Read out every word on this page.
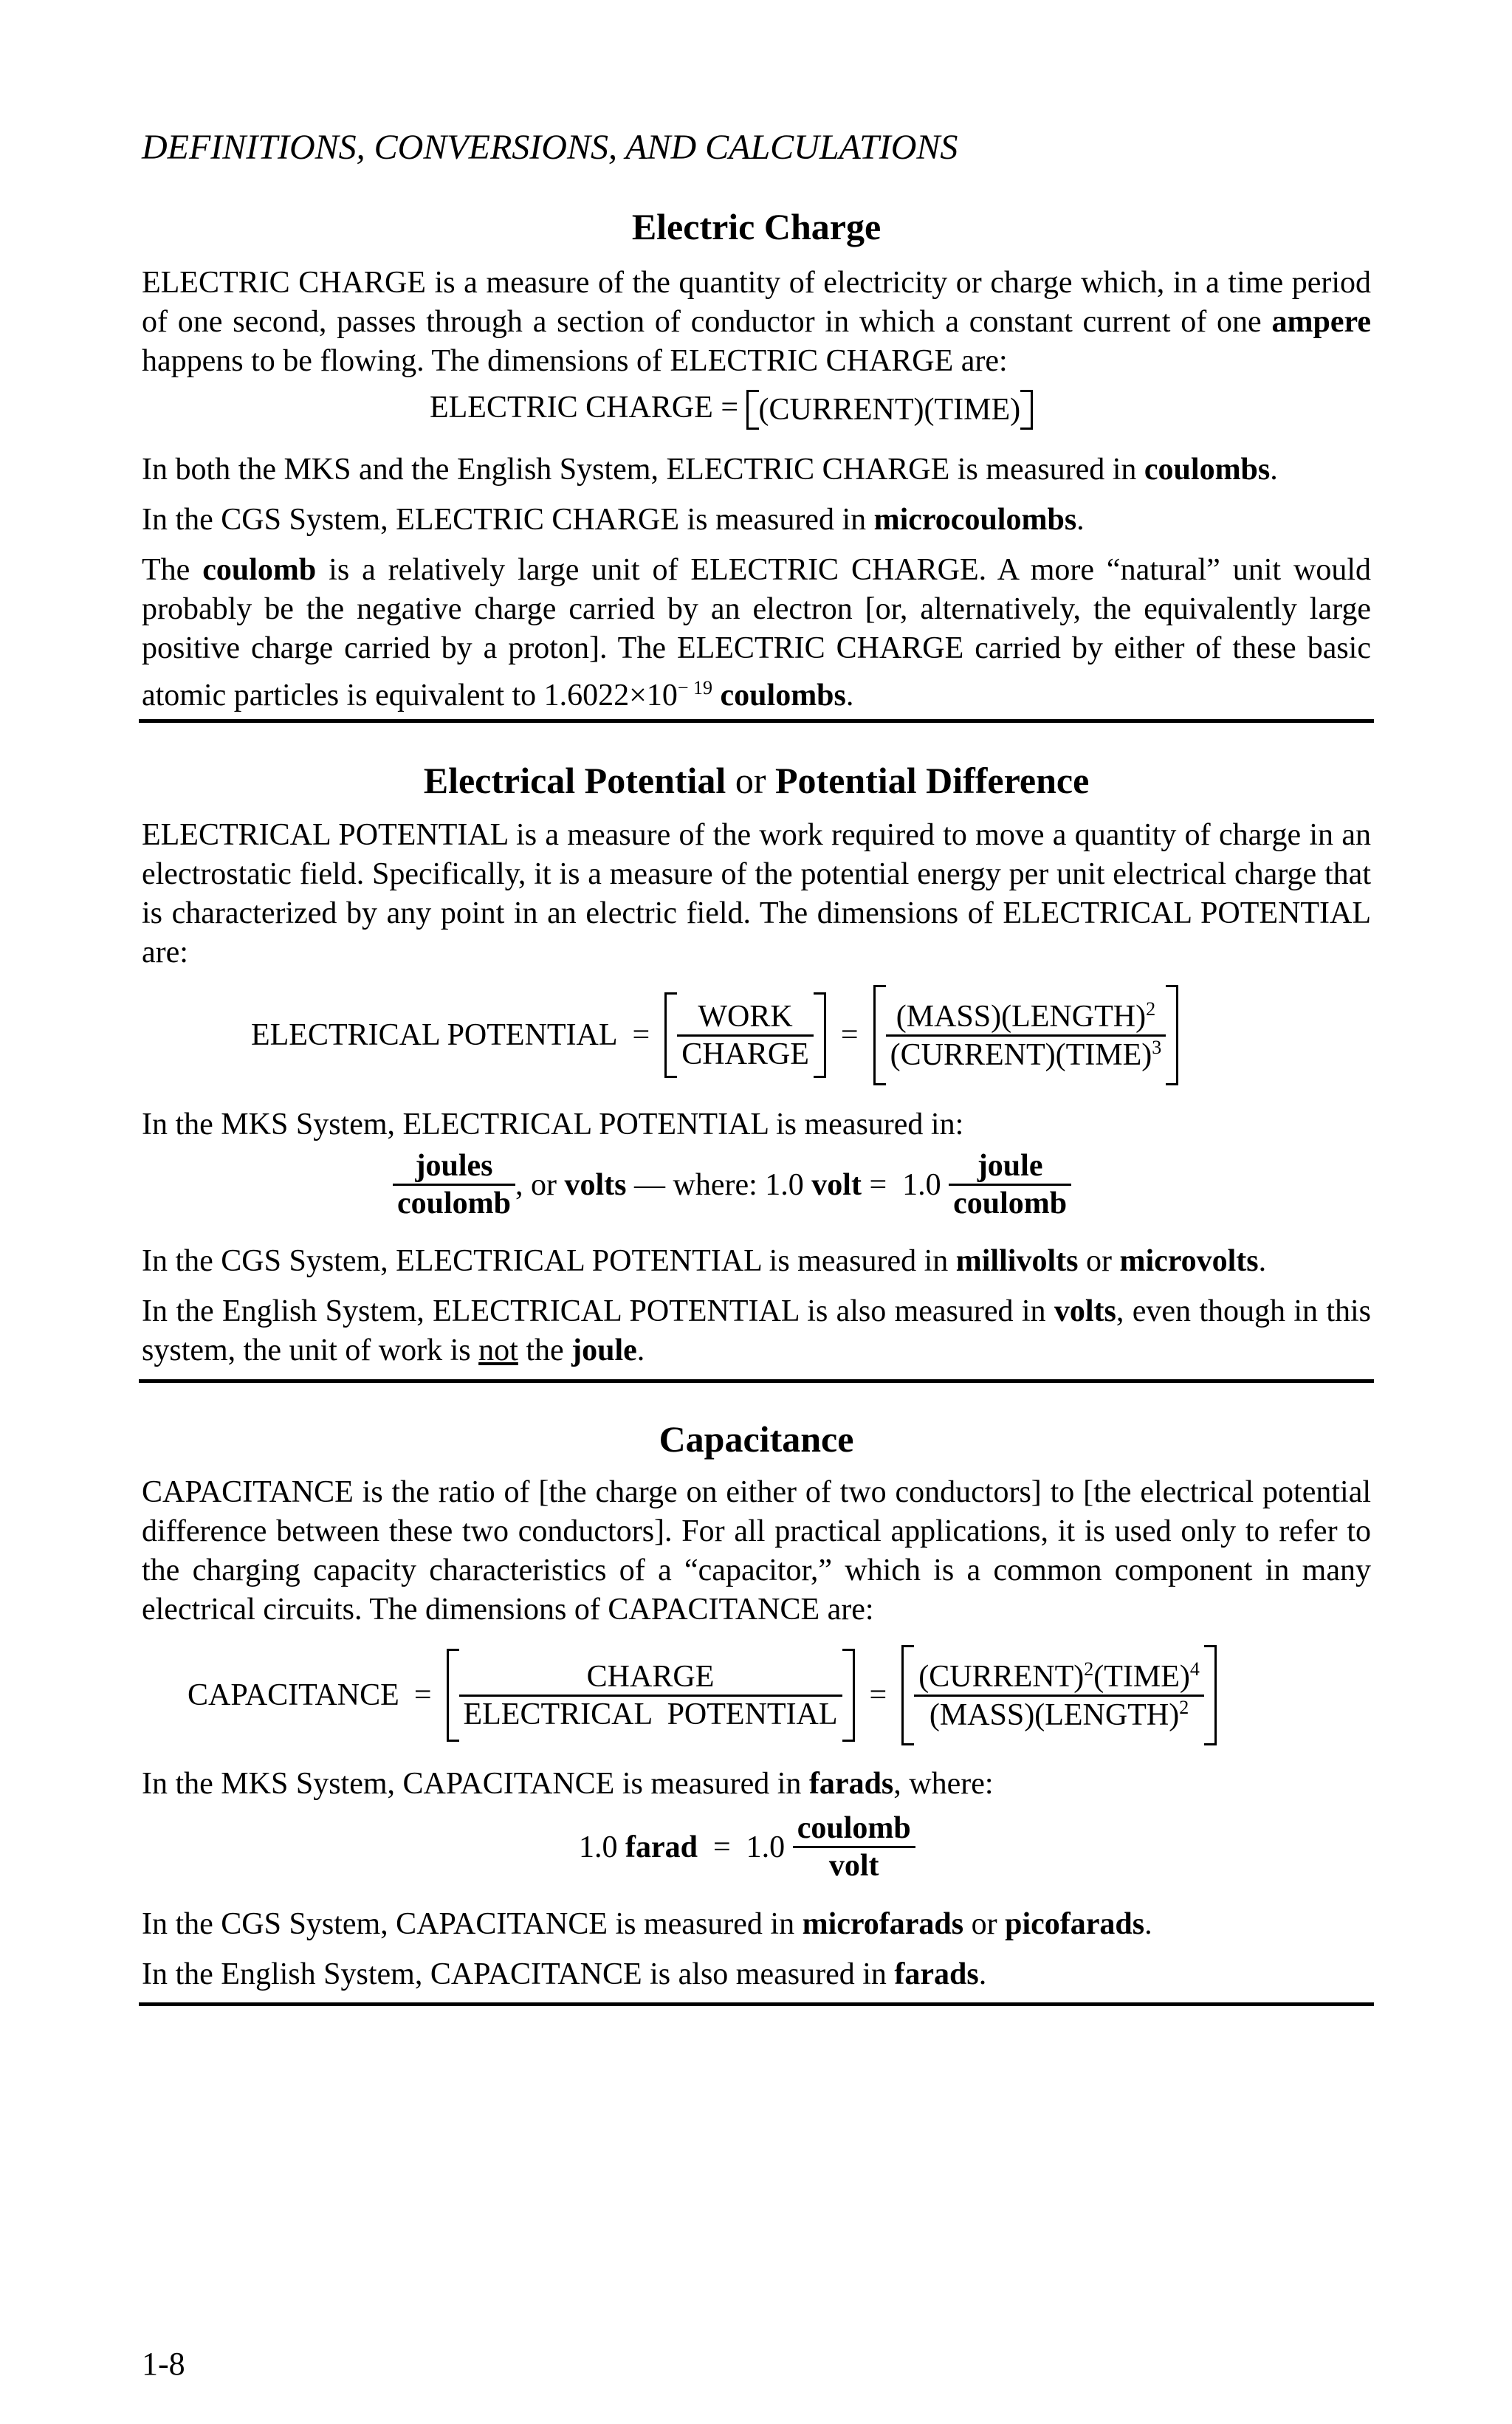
DEFINITIONS, CONVERSIONS, AND CALCULATIONS
Electric Charge
ELECTRIC CHARGE is a measure of the quantity of electricity or charge which, in a time period of one second, passes through a section of conductor in which a constant current of one ampere happens to be flowing. The dimensions of ELECTRIC CHARGE are:
ELECTRIC CHARGE = (CURRENT)(TIME)
In both the MKS and the English System, ELECTRIC CHARGE is measured in coulombs.
In the CGS System, ELECTRIC CHARGE is measured in microcoulombs.
The coulomb is a relatively large unit of ELECTRIC CHARGE. A more “natural” unit would probably be the negative charge carried by an electron [or, alternatively, the equivalently large positive charge carried by a proton]. The ELECTRIC CHARGE carried by either of these basic atomic particles is equivalent to $1.6022\times 10^{- 19}$ coulombs.
Electrical Potential or Potential Difference
ELECTRICAL POTENTIAL is a measure of the work required to move a quantity of charge in an electrostatic field. Specifically, it is a measure of the potential energy per unit electrical charge that is characterized by any point in an electric field. The dimensions of ELECTRICAL POTENTIAL are:
ELECTRICAL POTENTIAL = $\frac{\text{WORK}}{\text{CHARGE}} = \frac{(MASS)(LENGTH)^2}{(CURRENT)(TIME)^3}$
In the MKS System, ELECTRICAL POTENTIAL is measured in:
$\frac{\text{joules}}{\text{coulomb}}$ , or volts — where: 1.0 volt =  $1.0 \frac{\text{joule}}{\text{coulomb}}$
In the CGS System, ELECTRICAL POTENTIAL is measured in millivolts or microvolts.
In the English System, ELECTRICAL POTENTIAL is also measured in volts, even though in this system, the unit of work is not the joule.
Capacitance
CAPACITANCE is the ratio of [the charge on either of two conductors] to [the electrical potential difference between these two conductors]. For all practical applications, it is used only to refer to the charging capacity characteristics of a “capacitor,” which is a common component in many electrical circuits. The dimensions of CAPACITANCE are:
CAPACITANCE = $\frac{\text{CHARGE}}{\text{ELECTRICAL  POTENTIAL}} = \frac{(CURRENT)^2(TIME)^4}{(MASS)(LENGTH)^2}$
In the MKS System, CAPACITANCE is measured in farads, where:
1.0 farad =  $1.0 \frac{\text{coulomb}}{\text{volt}}$
In the CGS System, CAPACITANCE is measured in microfarads or picofarads.
In the English System, CAPACITANCE is also measured in farads.
1-8
